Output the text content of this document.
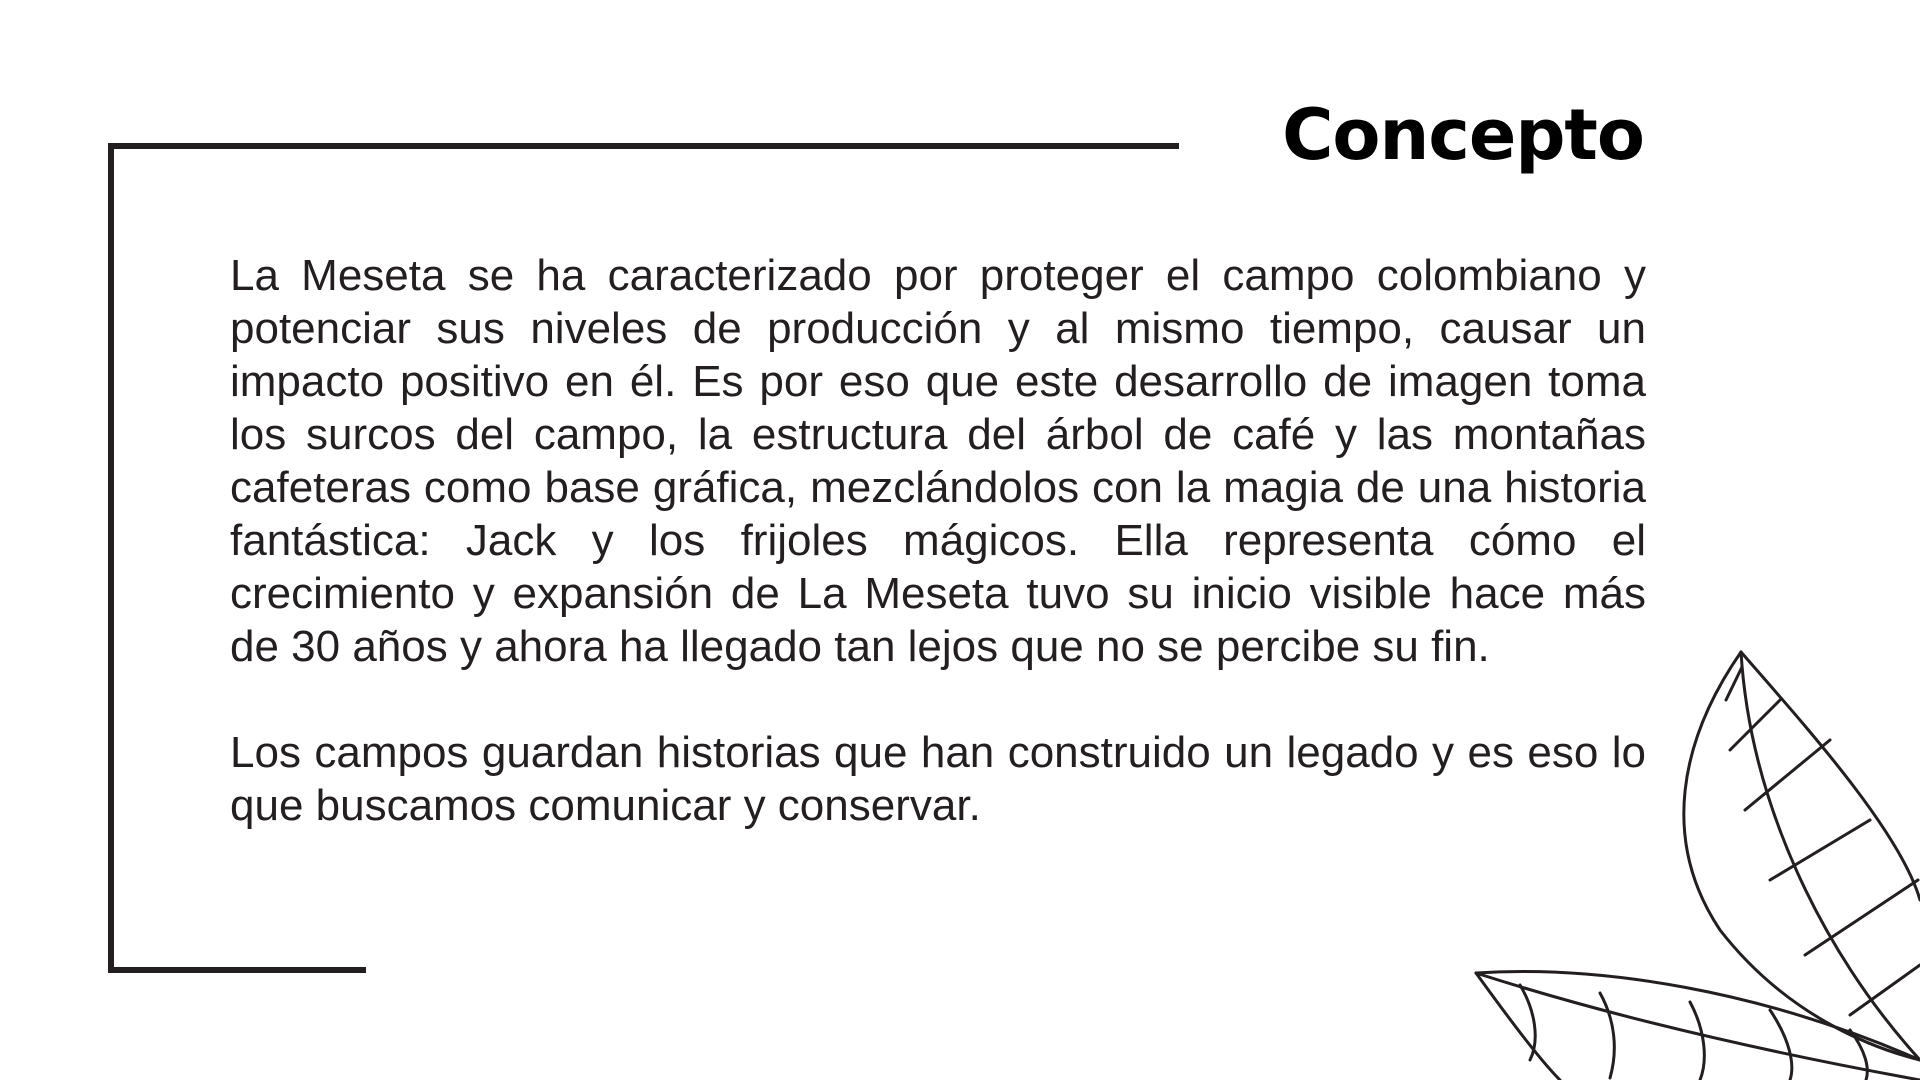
Concepto

La Meseta se ha caracterizado por proteger el campo colombiano y potenciar sus niveles de producción y al mismo tiempo, causar un impacto positivo en él. Es por eso que este desarrollo de imagen toma los surcos del campo, la estructura del árbol de café y las montañas cafeteras como base gráfica, mezclándolos con la magia de una historia fantástica: Jack y los frijoles mágicos. Ella representa cómo el crecimiento y expansión de La Meseta tuvo su inicio visible hace más de 30 años y ahora ha llegado tan lejos que no se percibe su fin.

Los campos guardan historias que han construido un legado y es eso lo que buscamos comunicar y conservar.
